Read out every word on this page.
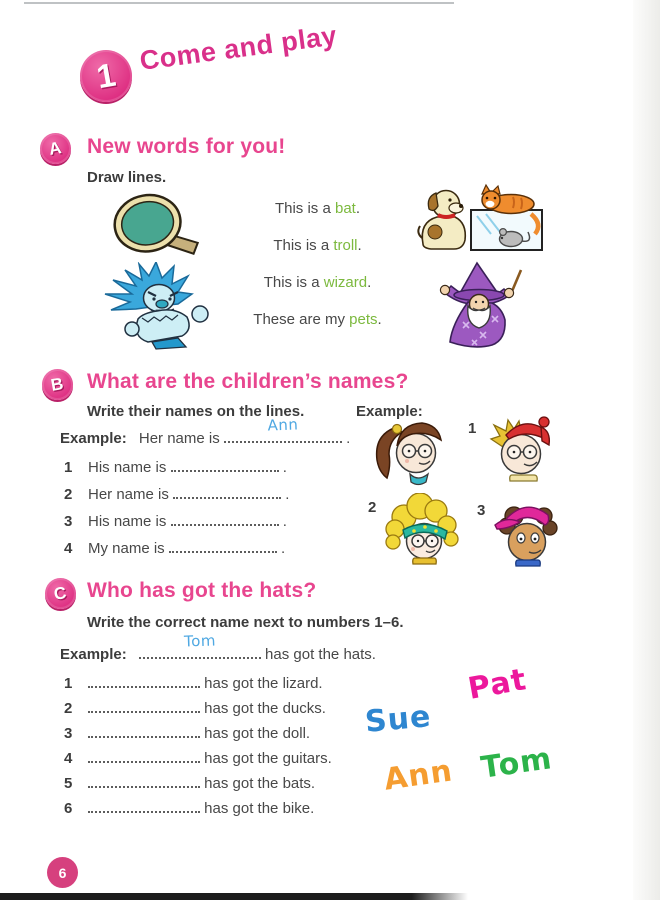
1 Come and play
A New words for you!

Draw lines.

This is a bat.

This is a troll.

This is a wizard.

These are my pets.

B What are the children’s names?

Write their names on the lines.	Example:

Example: Her name is
Ann
.
1 His name is	.
2 Her name is	.
3 His name is	.
4 My name is	.
1
2	3
C Who has got the hats?

Write the correct name next to numbers 1–6.

Example:
Tom
has got the hats.
1	has got the lizard.
2	has got the ducks.
3	has got the doll.
4	has got the guitars.
5	has got the bats.
6	has got the bike.
Pat
Sue
Ann Tom
6
